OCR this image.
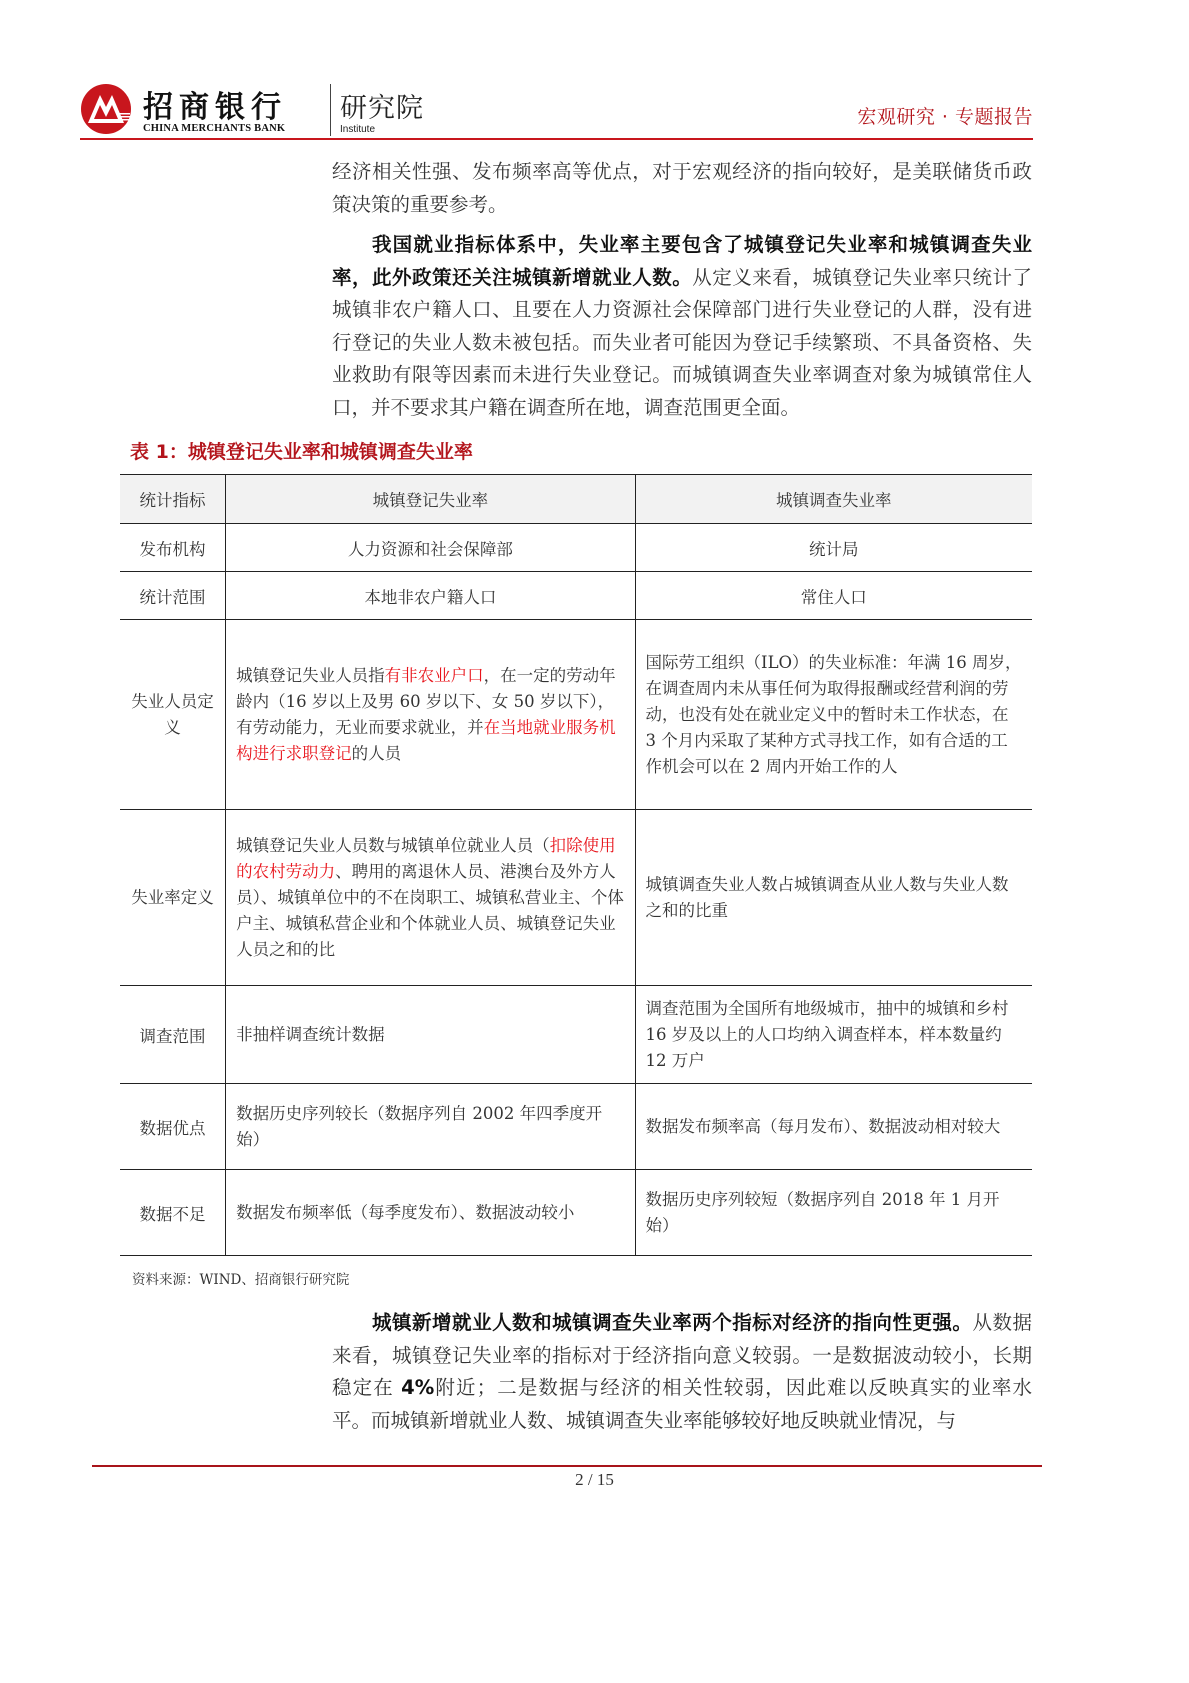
招商银行
CHINA MERCHANTS BANK
研究院
Institute
宏观研究 · 专题报告

经济相关性强、发布频率高等优点，对于宏观经济的指向较好，是美联储货币政策决策的重要参考。

我国就业指标体系中，失业率主要包含了城镇登记失业率和城镇调查失业率，此外政策还关注城镇新增就业人数。从定义来看，城镇登记失业率只统计了城镇非农户籍人口、且要在人力资源社会保障部门进行失业登记的人群，没有进行登记的失业人数未被包括。而失业者可能因为登记手续繁琐、不具备资格、失业救助有限等因素而未进行失业登记。而城镇调查失业率调查对象为城镇常住人口，并不要求其户籍在调查所在地，调查范围更全面。

表 1：城镇登记失业率和城镇调查失业率
统计指标	城镇登记失业率	城镇调查失业率
发布机构	人力资源和社会保障部	统计局
统计范围	本地非农户籍人口	常住人口
失业人员定义	城镇登记失业人员指有非农业户口，在一定的劳动年龄内（16 岁以上及男 60 岁以下、女 50 岁以下），有劳动能力，无业而要求就业，并在当地就业服务机构进行求职登记的人员	国际劳工组织（ILO）的失业标准：年满 16 周岁，在调查周内未从事任何为取得报酬或经营利润的劳动，也没有处在就业定义中的暂时未工作状态，在 3 个月内采取了某种方式寻找工作，如有合适的工作机会可以在 2 周内开始工作的人
失业率定义	城镇登记失业人员数与城镇单位就业人员（扣除使用的农村劳动力、聘用的离退休人员、港澳台及外方人员）、城镇单位中的不在岗职工、城镇私营业主、个体户主、城镇私营企业和个体就业人员、城镇登记失业人员之和的比	城镇调查失业人数占城镇调查从业人数与失业人数之和的比重
调查范围	非抽样调查统计数据	调查范围为全国所有地级城市，抽中的城镇和乡村 16 岁及以上的人口均纳入调查样本，样本数量约 12 万户
数据优点	数据历史序列较长（数据序列自 2002 年四季度开始）	数据发布频率高（每月发布）、数据波动相对较大
数据不足	数据发布频率低（每季度发布）、数据波动较小	数据历史序列较短（数据序列自 2018 年 1 月开始）
资料来源：WIND、招商银行研究院

城镇新增就业人数和城镇调查失业率两个指标对经济的指向性更强。从数据来看，城镇登记失业率的指标对于经济指向意义较弱。一是数据波动较小，长期稳定在 4%附近；二是数据与经济的相关性较弱，因此难以反映真实的业率水平。而城镇新增就业人数、城镇调查失业率能够较好地反映就业情况，与

2 / 15
